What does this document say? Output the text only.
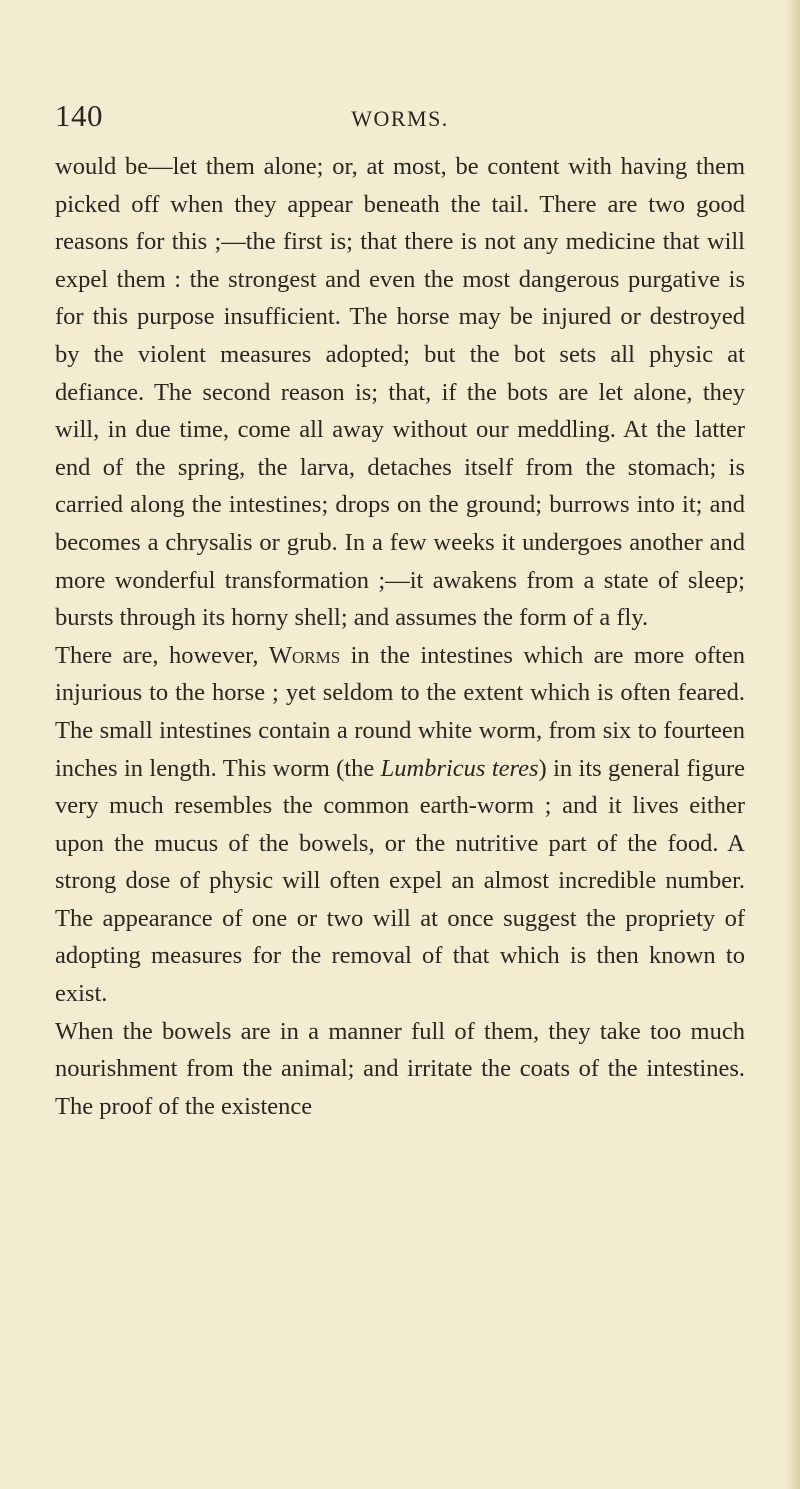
140	WORMS.

would be—let them alone; or, at most, be content with having them picked off when they appear beneath the tail. There are two good reasons for this ;—the first is; that there is not any medicine that will expel them : the strongest and even the most dangerous purgative is for this purpose insufficient. The horse may be injured or destroyed by the violent measures adopted; but the bot sets all physic at defiance. The second reason is; that, if the bots are let alone, they will, in due time, come all away without our meddling. At the latter end of the spring, the larva, detaches itself from the stomach; is carried along the intestines; drops on the ground; burrows into it; and becomes a chrysalis or grub. In a few weeks it undergoes another and more wonderful transformation ;—it awakens from a state of sleep; bursts through its horny shell; and assumes the form of a fly.

There are, however, Worms in the intestines which are more often injurious to the horse ; yet seldom to the extent which is often feared. The small intestines contain a round white worm, from six to fourteen inches in length. This worm (the Lumbricus teres) in its general figure very much resembles the common earth-worm ; and it lives either upon the mucus of the bowels, or the nutritive part of the food. A strong dose of physic will often expel an almost incredible number. The appearance of one or two will at once suggest the propriety of adopting measures for the removal of that which is then known to exist.

When the bowels are in a manner full of them, they take too much nourishment from the animal; and irritate the coats of the intestines. The proof of the existence
